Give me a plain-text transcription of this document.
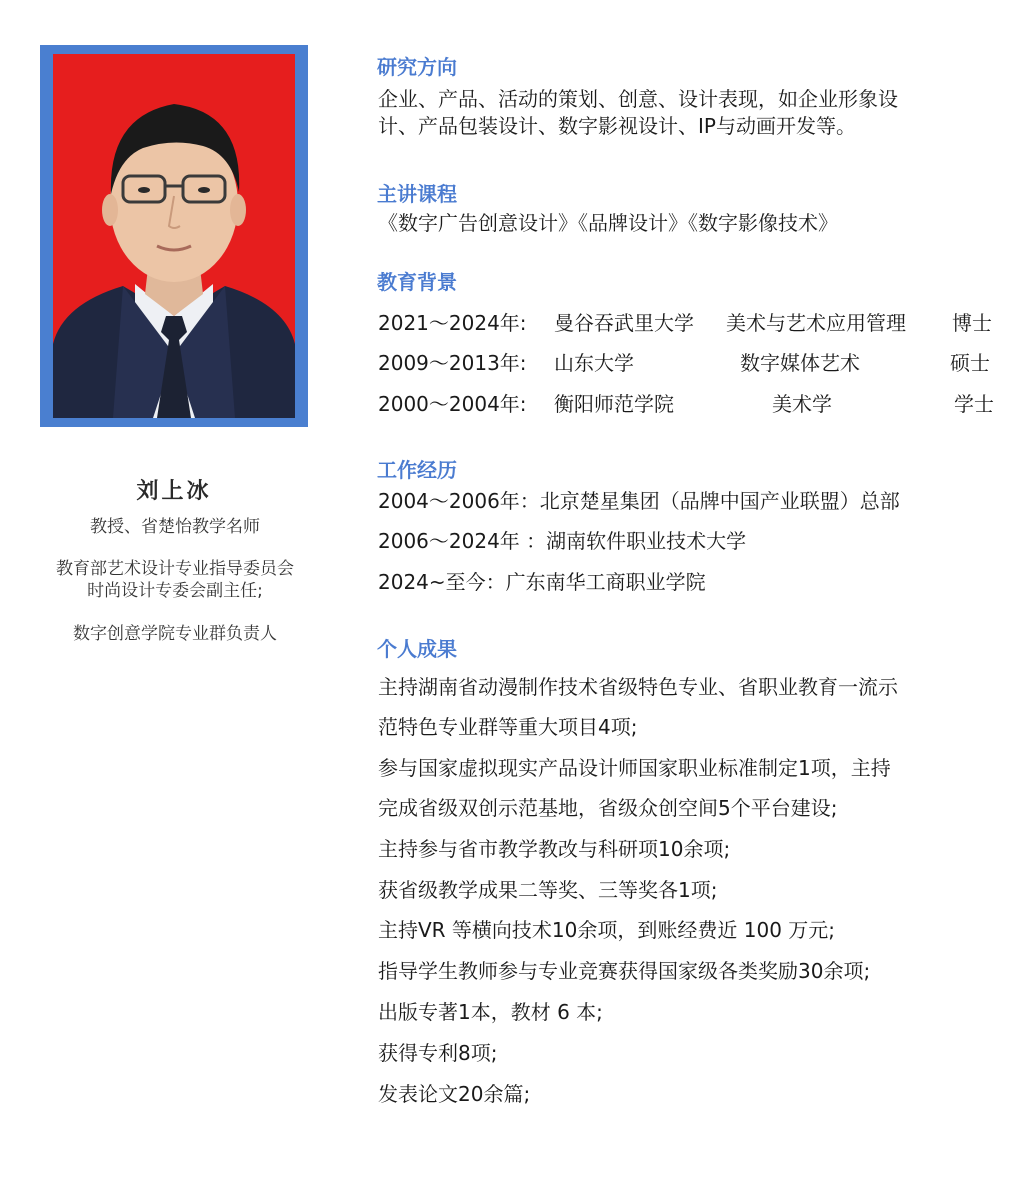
刘上冰
教授、省楚怡教学名师
教育部艺术设计专业指导委员会
时尚设计专委会副主任;
数字创意学院专业群负责人
研究方向
企业、产品、活动的策划、创意、设计表现，如企业形象设
计、产品包装设计、数字影视设计、IP与动画开发等。
主讲课程
《数字广告创意设计》《品牌设计》《数字影像技术》
教育背景
2021～2024年: 曼谷吞武里大学 美术与艺术应用管理 博士
2009～2013年: 山东大学	数字媒体艺术	硕士
2000～2004年: 衡阳师范学院	美术学	学士
工作经历
2004～2006年：北京楚星集团（品牌中国产业联盟）总部
2006～2024年 ：湖南软件职业技术大学
2024~至今：广东南华工商职业学院
个人成果
主持湖南省动漫制作技术省级特色专业、省职业教育一流示
范特色专业群等重大项目4项;
参与国家虚拟现实产品设计师国家职业标准制定1项，主持
完成省级双创示范基地，省级众创空间5个平台建设;
主持参与省市教学教改与科研项10余项;
获省级教学成果二等奖、三等奖各1项;
主持VR 等横向技术10余项，到账经费近 100 万元;
指导学生教师参与专业竞赛获得国家级各类奖励30余项;
出版专著1本，教材 6 本;
获得专利8项;
发表论文20余篇;
